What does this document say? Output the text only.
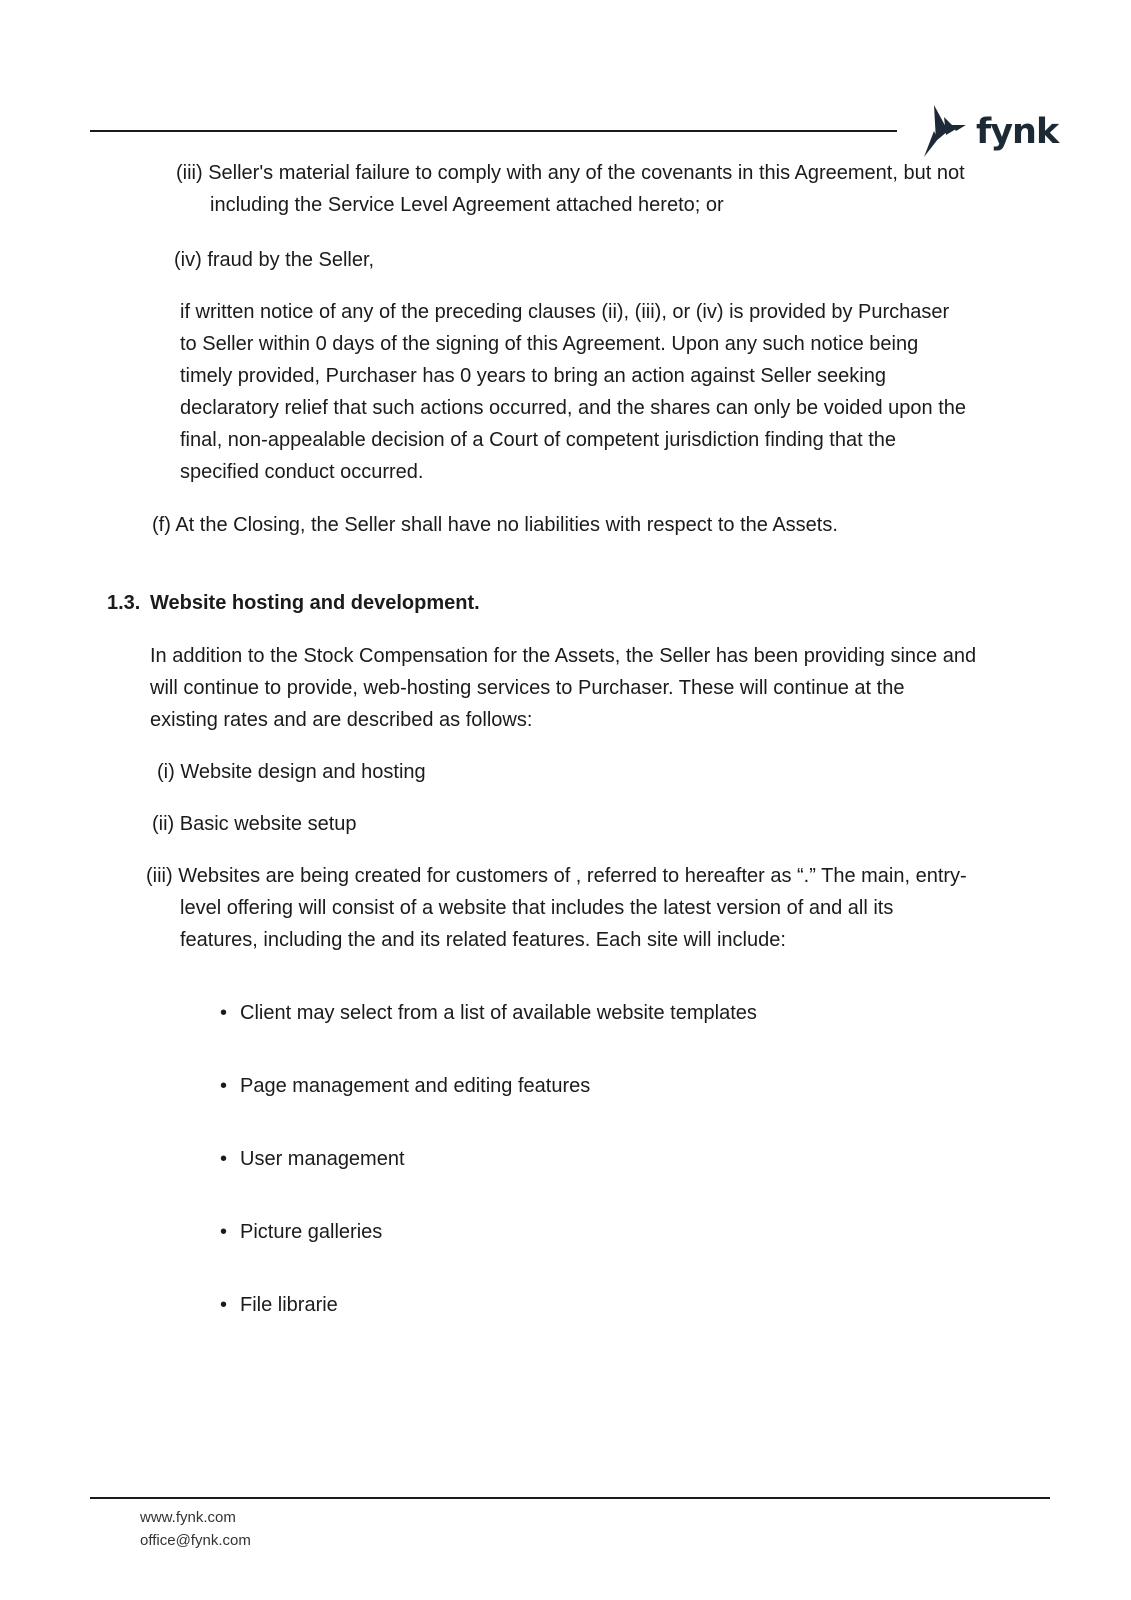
fynk
(iii) Seller's material failure to comply with any of the covenants in this Agreement, but not
including the Service Level Agreement attached hereto; or
(iv) fraud by the Seller,
if written notice of any of the preceding clauses (ii), (iii), or (iv) is provided by Purchaser
to Seller within 0 days of the signing of this Agreement. Upon any such notice being
timely provided, Purchaser has 0 years to bring an action against Seller seeking
declaratory relief that such actions occurred, and the shares can only be voided upon the
final, non-appealable decision of a Court of competent jurisdiction finding that the
specified conduct occurred.
(f) At the Closing, the Seller shall have no liabilities with respect to the Assets.
1.3. Website hosting and development.
In addition to the Stock Compensation for the Assets, the Seller has been providing since and
will continue to provide, web-hosting services to Purchaser. These will continue at the
existing rates and are described as follows:
(i) Website design and hosting
(ii) Basic website setup
(iii) Websites are being created for customers of , referred to hereafter as “.” The main, entry-
level offering will consist of a website that includes the latest version of and all its
features, including the and its related features. Each site will include:
• Client may select from a list of available website templates
• Page management and editing features
• User management
• Picture galleries
• File librarie
www.fynk.com
office@fynk.com
